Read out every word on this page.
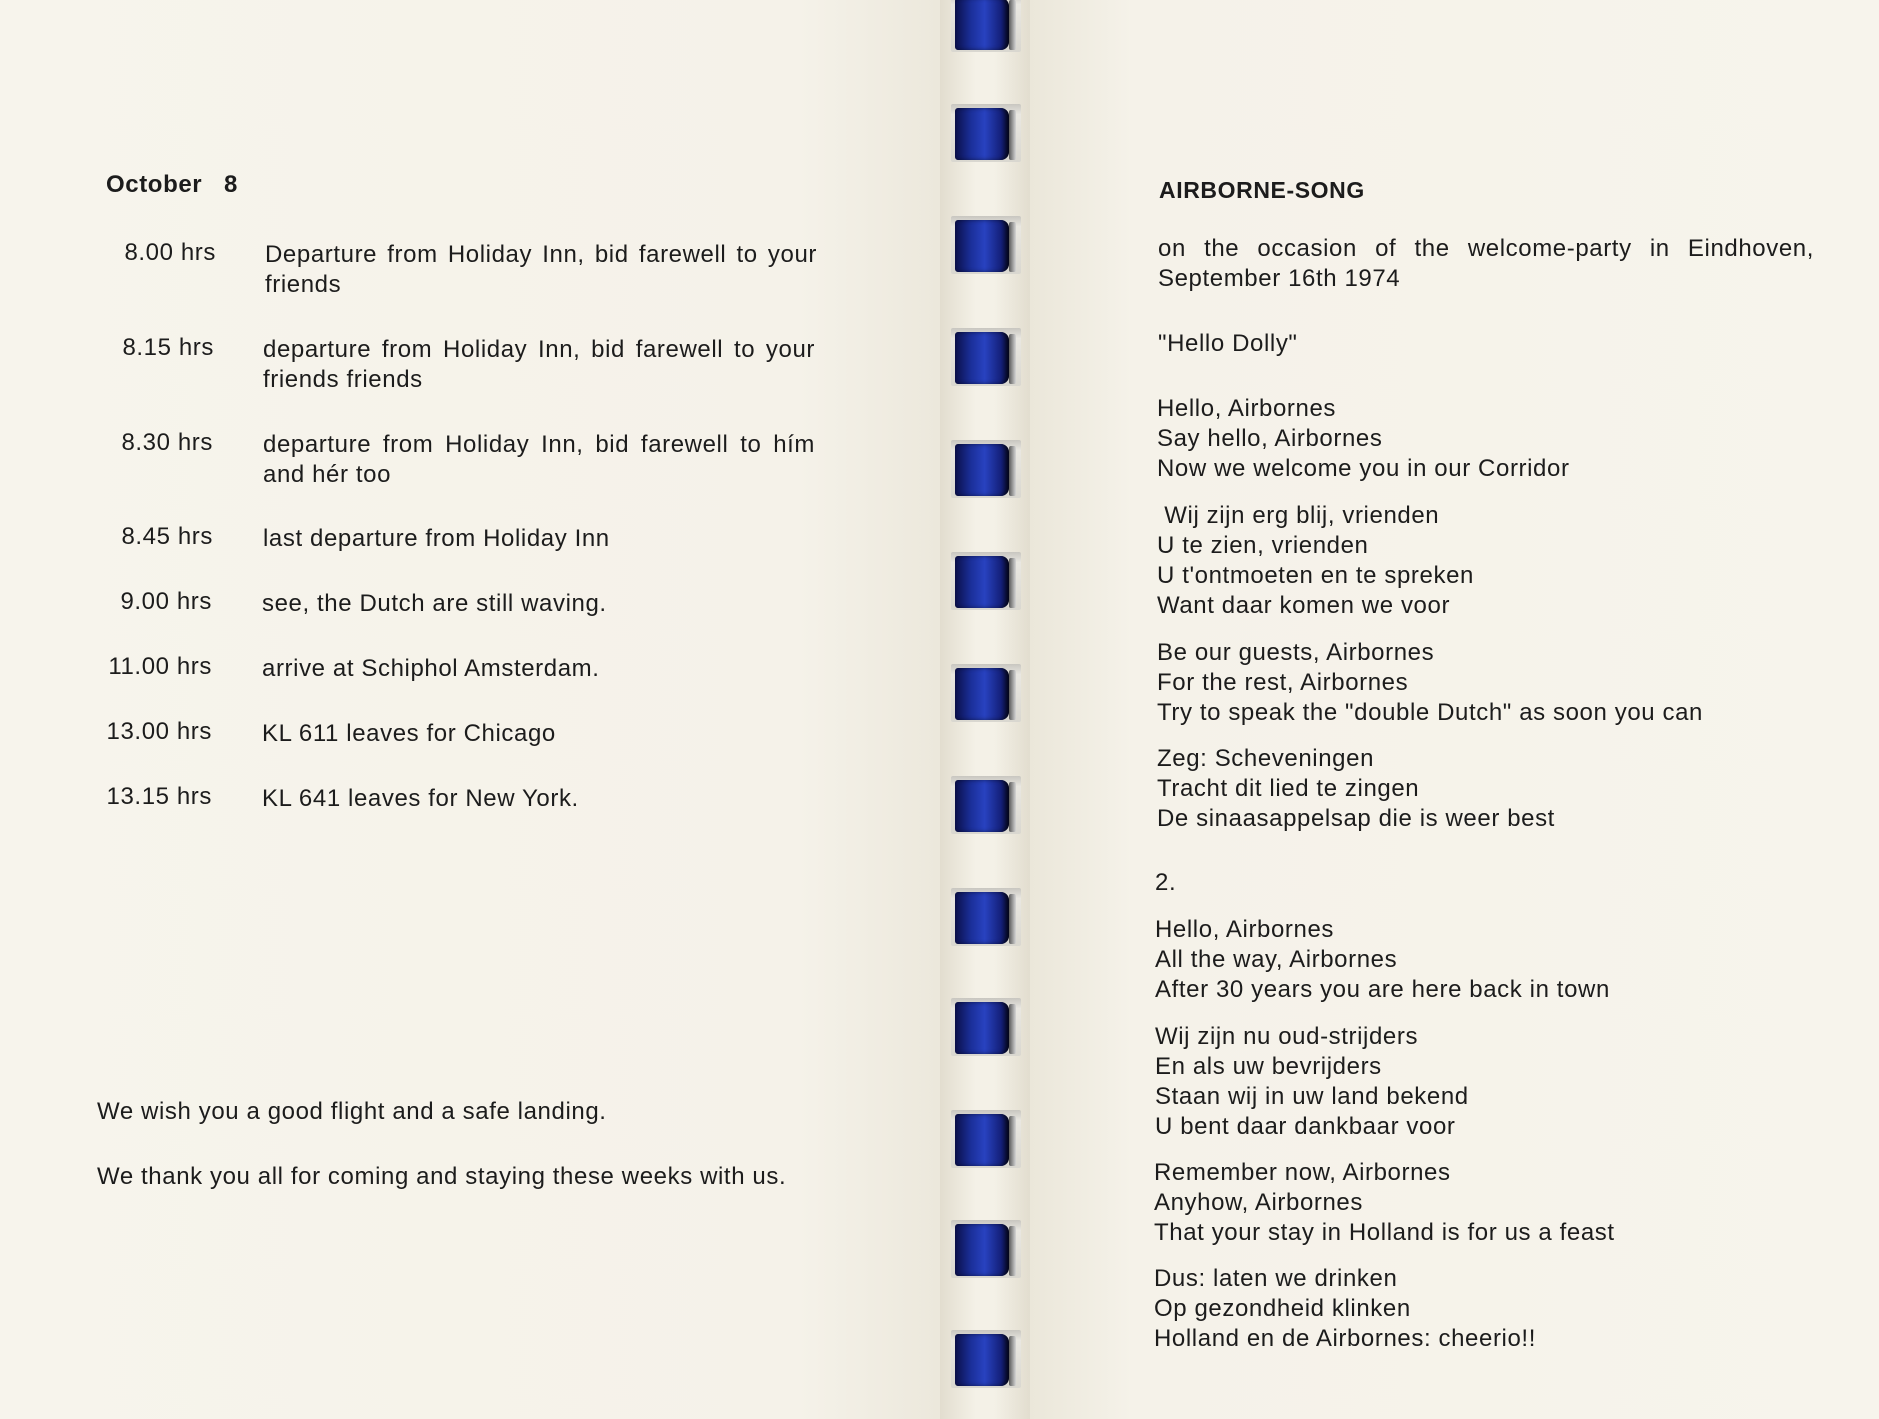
October   8
8.00 hrs Departure from Holiday Inn, bid farewell to your friends
8.15 hrs departure from Holiday Inn, bid farewell to your friends friends
8.30 hrs departure from Holiday Inn, bid farewell to hím and hér too
8.45 hrs last departure from Holiday Inn
9.00 hrs see, the Dutch are still waving.
11.00 hrs arrive at Schiphol Amsterdam.
13.00 hrs KL 611 leaves for Chicago
13.15 hrs KL 641 leaves for New York.
We wish you a good flight and a safe landing.
We thank you all for coming and staying these weeks with us.
AIRBORNE-SONG
on the occasion of the welcome-party in Eindhoven, September 16th 1974
"Hello Dolly"
Hello, Airbornes
Say hello, Airbornes
Now we welcome you in our Corridor
Wij zijn erg blij, vrienden
U te zien, vrienden
U t'ontmoeten en te spreken
Want daar komen we voor
Be our guests, Airbornes
For the rest, Airbornes
Try to speak the "double Dutch" as soon you can
Zeg: Scheveningen
Tracht dit lied te zingen
De sinaasappelsap die is weer best
2.
Hello, Airbornes
All the way, Airbornes
After 30 years you are here back in town
Wij zijn nu oud-strijders
En als uw bevrijders
Staan wij in uw land bekend
U bent daar dankbaar voor
Remember now, Airbornes
Anyhow, Airbornes
That your stay in Holland is for us a feast
Dus: laten we drinken
Op gezondheid klinken
Holland en de Airbornes: cheerio!!
